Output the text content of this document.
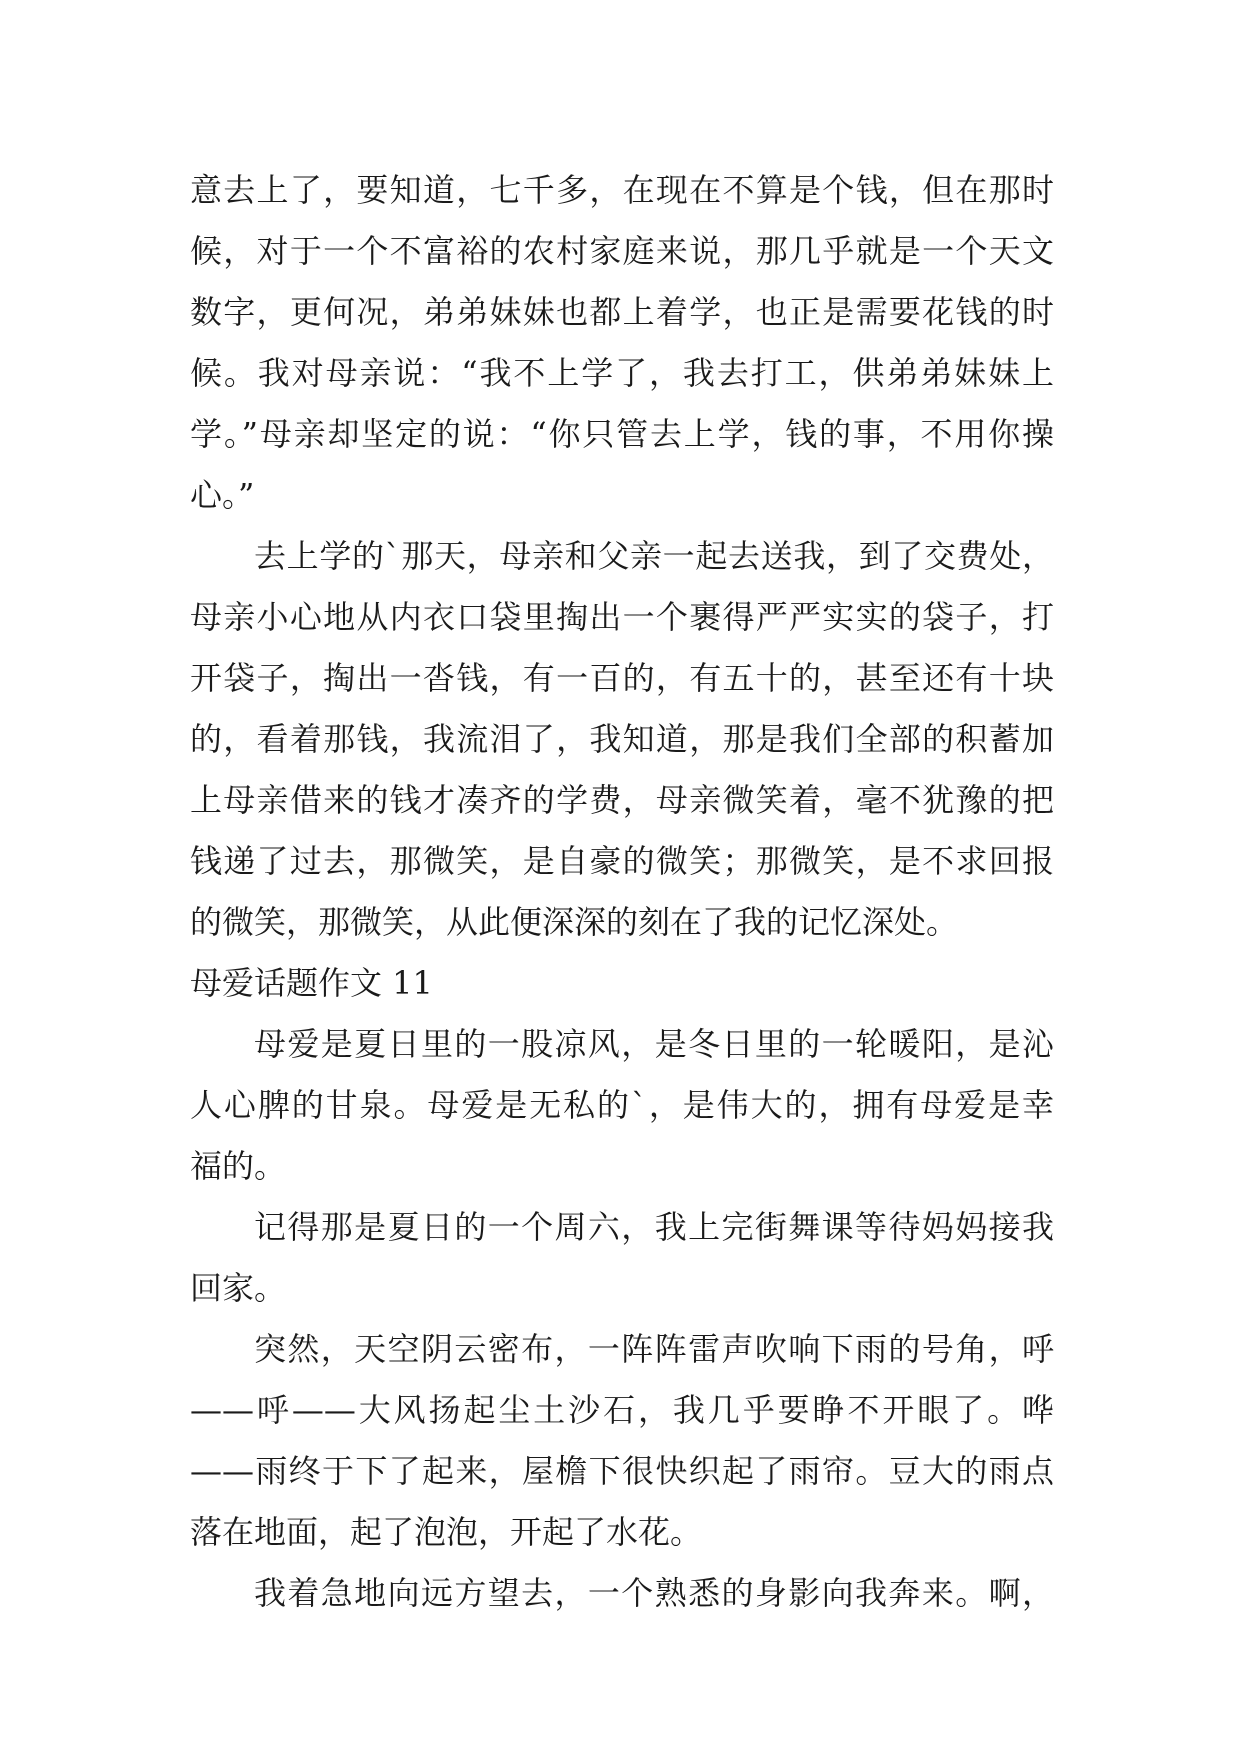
意去上了，要知道，七千多，在现在不算是个钱，但在那时
候，对于一个不富裕的农村家庭来说，那几乎就是一个天文
数字，更何况，弟弟妹妹也都上着学，也正是需要花钱的时
候。我对母亲说：“我不上学了，我去打工，供弟弟妹妹上
学。”母亲却坚定的说：“你只管去上学，钱的事，不用你操
心。”
去上学的`那天，母亲和父亲一起去送我，到了交费处，
母亲小心地从内衣口袋里掏出一个裹得严严实实的袋子，打
开袋子，掏出一沓钱，有一百的，有五十的，甚至还有十块
的，看着那钱，我流泪了，我知道，那是我们全部的积蓄加
上母亲借来的钱才凑齐的学费，母亲微笑着，毫不犹豫的把
钱递了过去，那微笑，是自豪的微笑；那微笑，是不求回报
的微笑，那微笑，从此便深深的刻在了我的记忆深处。
母爱话题作文 11
母爱是夏日里的一股凉风，是冬日里的一轮暖阳，是沁
人心脾的甘泉。母爱是无私的`，是伟大的，拥有母爱是幸
福的。
记得那是夏日的一个周六，我上完街舞课等待妈妈接我
回家。
突然，天空阴云密布，一阵阵雷声吹响下雨的号角，呼
——呼——大风扬起尘土沙石，我几乎要睁不开眼了。哗
——雨终于下了起来，屋檐下很快织起了雨帘。豆大的雨点
落在地面，起了泡泡，开起了水花。
我着急地向远方望去，一个熟悉的身影向我奔来。啊，
